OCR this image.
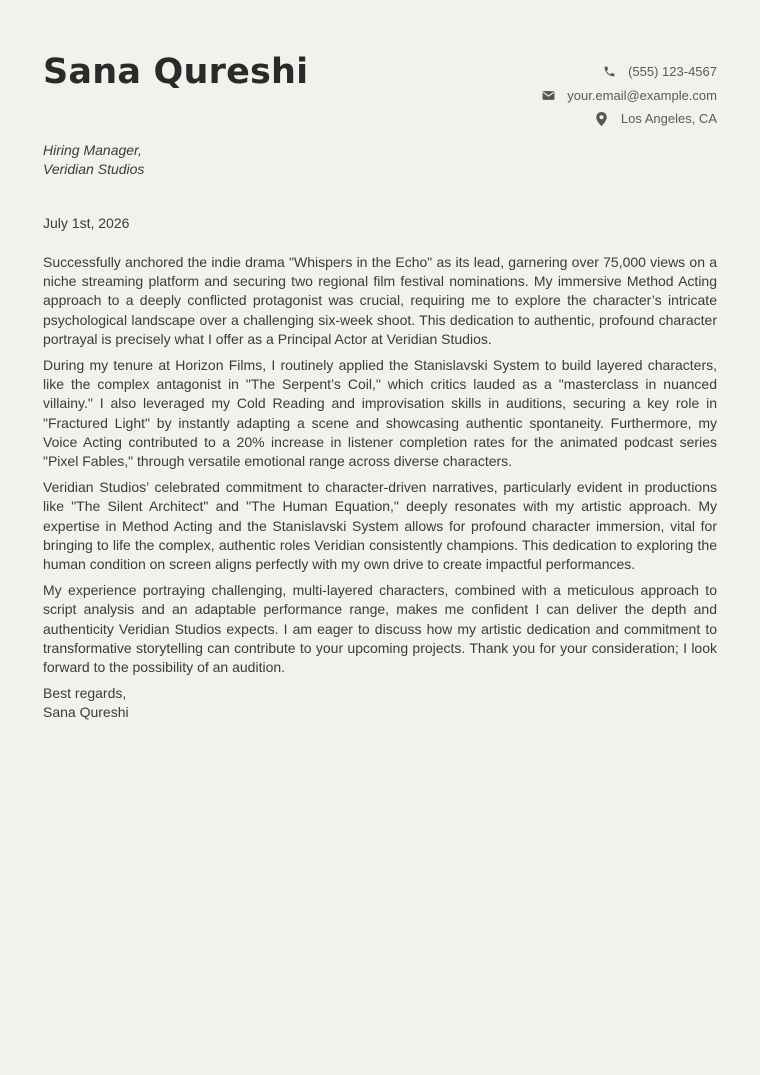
Sana Qureshi	(555) 123-4567
your.email@example.com
Los Angeles, CA
Hiring Manager,
Veridian Studios
July 1st, 2026

Successfully anchored the indie drama "Whispers in the Echo" as its lead, garnering over 75,000 views on a niche streaming platform and securing two regional film festival nominations. My immersive Method Acting approach to a deeply conflicted protagonist was crucial, requiring me to explore the character’s intricate psychological landscape over a challenging six-week shoot. This dedication to authentic, profound character portrayal is precisely what I offer as a Principal Actor at Veridian Studios.

During my tenure at Horizon Films, I routinely applied the Stanislavski System to build layered characters, like the complex antagonist in "The Serpent’s Coil," which critics lauded as a "masterclass in nuanced villainy." I also leveraged my Cold Reading and improvisation skills in auditions, securing a key role in "Fractured Light" by instantly adapting a scene and showcasing authentic spontaneity. Furthermore, my Voice Acting contributed to a 20% increase in listener completion rates for the animated podcast series "Pixel Fables," through versatile emotional range across diverse characters.

Veridian Studios’ celebrated commitment to character-driven narratives, particularly evident in productions like "The Silent Architect" and "The Human Equation," deeply resonates with my artistic approach. My expertise in Method Acting and the Stanislavski System allows for profound character immersion, vital for bringing to life the complex, authentic roles Veridian consistently champions. This dedication to exploring the human condition on screen aligns perfectly with my own drive to create impactful performances.

My experience portraying challenging, multi-layered characters, combined with a meticulous approach to script analysis and an adaptable performance range, makes me confident I can deliver the depth and authenticity Veridian Studios expects. I am eager to discuss how my artistic dedication and commitment to transformative storytelling can contribute to your upcoming projects. Thank you for your consideration; I look forward to the possibility of an audition.

Best regards,
Sana Qureshi
